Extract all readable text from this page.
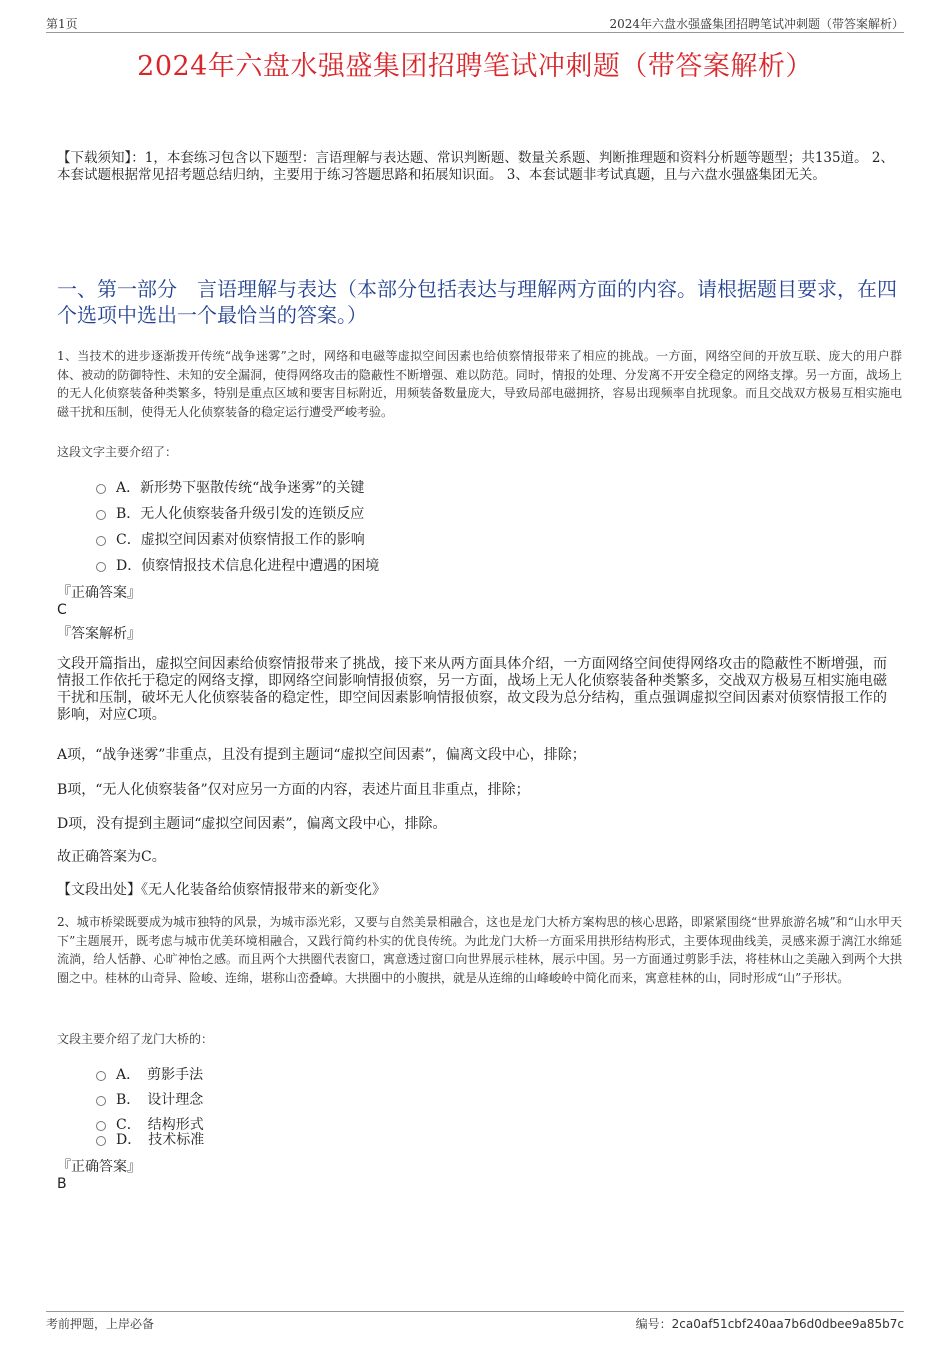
第1页	2024年六盘水强盛集团招聘笔试冲刺题（带答案解析）
2024年六盘水强盛集团招聘笔试冲刺题（带答案解析）
【下载须知】：1，本套练习包含以下题型：言语理解与表达题、常识判断题、数量关系题、判断推理题和资料分析题等题型；共135道。 2、本套试题根据常见招考题总结归纳，主要用于练习答题思路和拓展知识面。 3、本套试题非考试真题，且与六盘水强盛集团无关。
一、第一部分　言语理解与表达（本部分包括表达与理解两方面的内容。请根据题目要求，在四个选项中选出一个最恰当的答案。）
1、当技术的进步逐渐拨开传统“战争迷雾”之时，网络和电磁等虚拟空间因素也给侦察情报带来了相应的挑战。一方面，网络空间的开放互联、庞大的用户群体、被动的防御特性、未知的安全漏洞，使得网络攻击的隐蔽性不断增强、难以防范。同时，情报的处理、分发离不开安全稳定的网络支撑。另一方面，战场上的无人化侦察装备种类繁多，特别是重点区域和要害目标附近，用频装备数量庞大，导致局部电磁拥挤，容易出现频率自扰现象。而且交战双方极易互相实施电磁干扰和压制，使得无人化侦察装备的稳定运行遭受严峻考验。
这段文字主要介绍了：
A．新形势下驱散传统“战争迷雾”的关键
B．无人化侦察装备升级引发的连锁反应
C．虚拟空间因素对侦察情报工作的影响
D．侦察情报技术信息化进程中遭遇的困境
『正确答案』
C
『答案解析』
文段开篇指出，虚拟空间因素给侦察情报带来了挑战，接下来从两方面具体介绍，一方面网络空间使得网络攻击的隐蔽性不断增强，而情报工作依托于稳定的网络支撑，即网络空间影响情报侦察，另一方面，战场上无人化侦察装备种类繁多，交战双方极易互相实施电磁干扰和压制，破坏无人化侦察装备的稳定性，即空间因素影响情报侦察，故文段为总分结构，重点强调虚拟空间因素对侦察情报工作的影响，对应C项。
A项，“战争迷雾”非重点，且没有提到主题词“虚拟空间因素”，偏离文段中心，排除；
B项，“无人化侦察装备”仅对应另一方面的内容，表述片面且非重点，排除；
D项，没有提到主题词“虚拟空间因素”，偏离文段中心，排除。
故正确答案为C。
【文段出处】《无人化装备给侦察情报带来的新变化》
2、城市桥梁既要成为城市独特的风景，为城市添光彩，又要与自然美景相融合，这也是龙门大桥方案构思的核心思路，即紧紧围绕“世界旅游名城”和“山水甲天下”主题展开，既考虑与城市优美环境相融合，又践行简约朴实的优良传统。为此龙门大桥一方面采用拱形结构形式，主要体现曲线美，灵感来源于漓江水绵延流淌，给人恬静、心旷神怡之感。而且两个大拱圈代表窗口，寓意透过窗口向世界展示桂林，展示中国。另一方面通过剪影手法，将桂林山之美融入到两个大拱圈之中。桂林的山奇异、险峻、连绵，堪称山峦叠嶂。大拱圈中的小腹拱，就是从连绵的山峰峻岭中简化而来，寓意桂林的山，同时形成“山”子形状。
文段主要介绍了龙门大桥的：
A．　剪影手法
B．　设计理念
C．　结构形式
D．　技术标准
『正确答案』
B
考前押题，上岸必备	编号：2ca0af51cbf240aa7b6d0dbee9a85b7c
